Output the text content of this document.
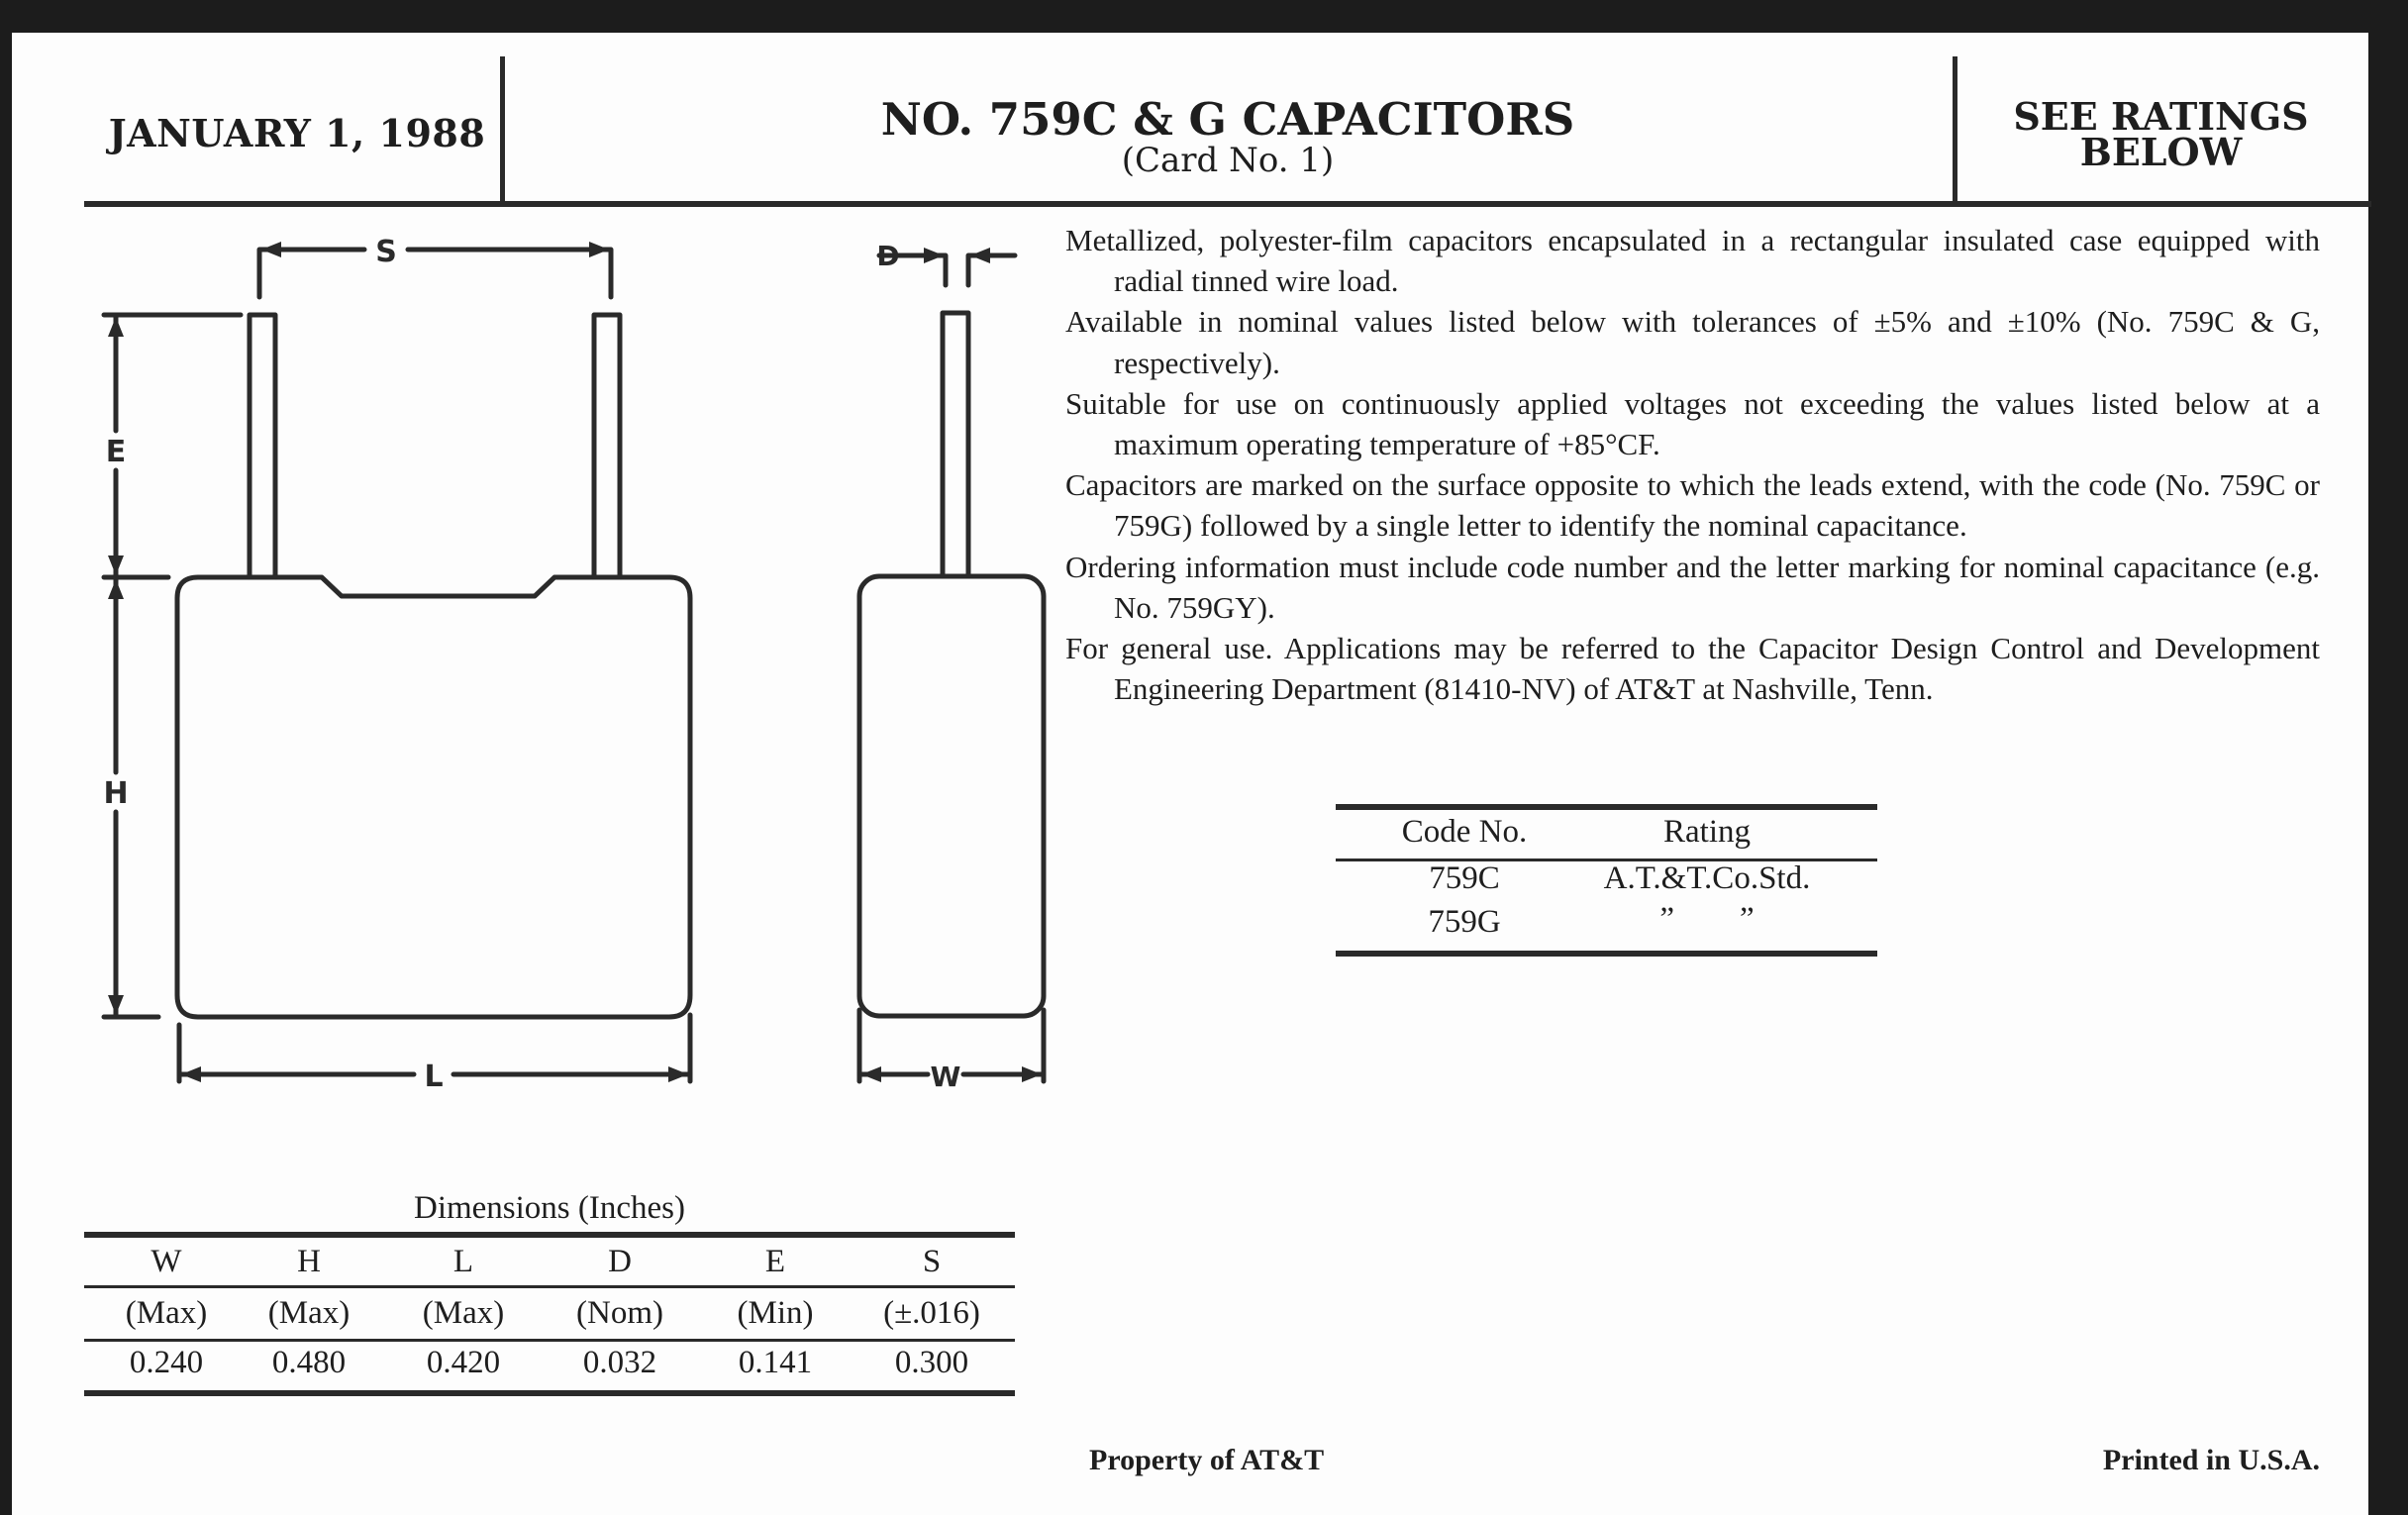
JANUARY 1, 1988	NO. 759C & G CAPACITORS
(Card No. 1)
SEE RATINGS
BELOW
S
E
H
L
D
W

Metallized, polyester-film capacitors encapsulated in a rectangular insulated case equipped with radial tinned wire load.

Available in nominal values listed below with tolerances of ±5% and ±10% (No. 759C & G, respectively).

Suitable for use on continuously applied voltages not exceeding the values listed below at a maximum operating temperature of +85°CF.

Capacitors are marked on the surface opposite to which the leads extend, with the code (No. 759C or 759G) followed by a single letter to identify the nominal capacitance.

Ordering information must include code number and the letter marking for nominal capacitance (e.g. No. 759GY).

For general use. Applications may be referred to the Capacitor Design Control and Development Engineering Department (81410-NV) of AT&T at Nashville, Tenn.

Code No.	Rating
759C	A.T.&T.Co.Std.
759G	”        ”
Dimensions (Inches)
W	H	L	D	E	S
(Max)	(Max)	(Max)	(Nom)	(Min)	(±.016)
0.240	0.480	0.420	0.032	0.141	0.300
Property of AT&T	Printed in U.S.A.
